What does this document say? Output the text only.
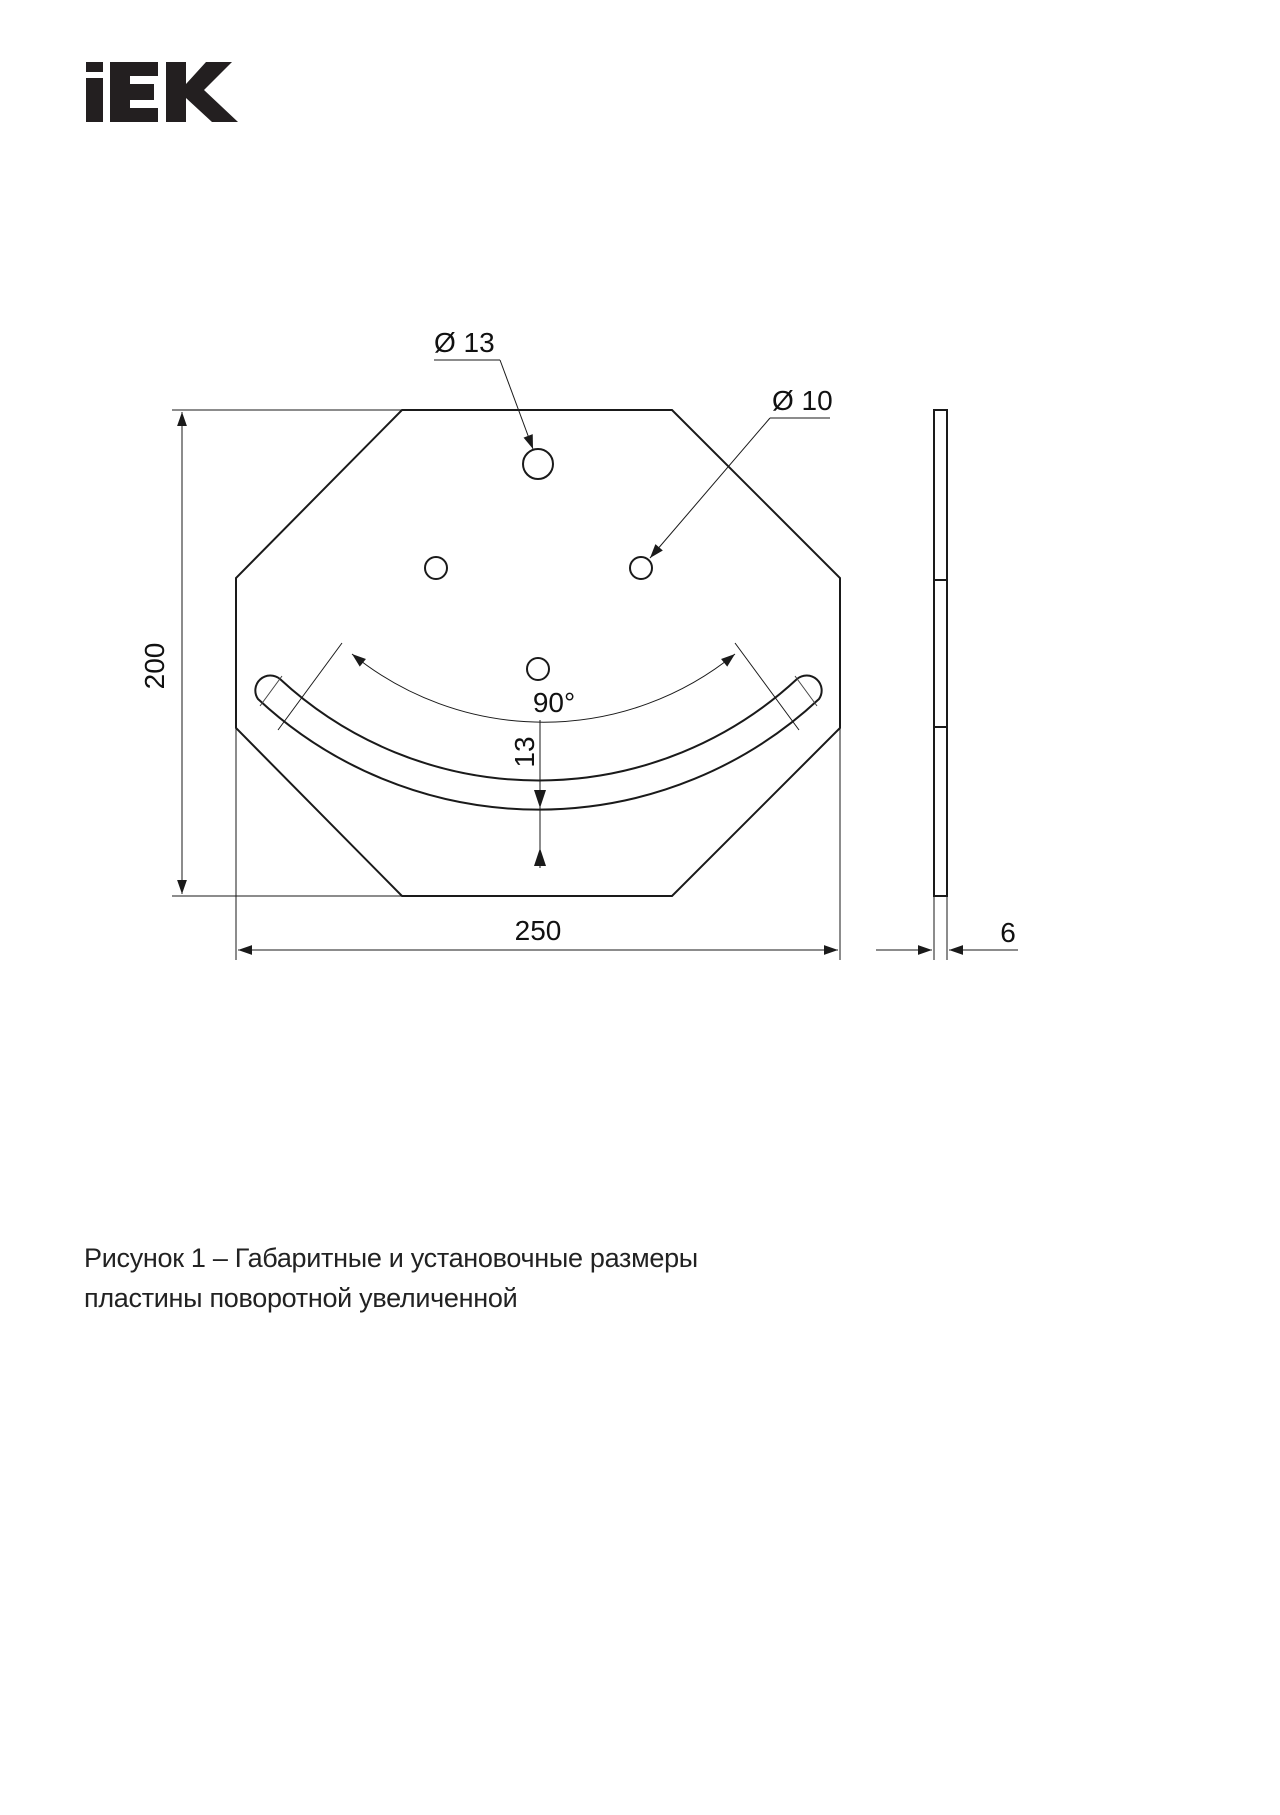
90°
13
Ø 13
Ø 10
200
250	6
Рисунок 1 – Габаритные и установочные размеры
пластины поворотной увеличенной
